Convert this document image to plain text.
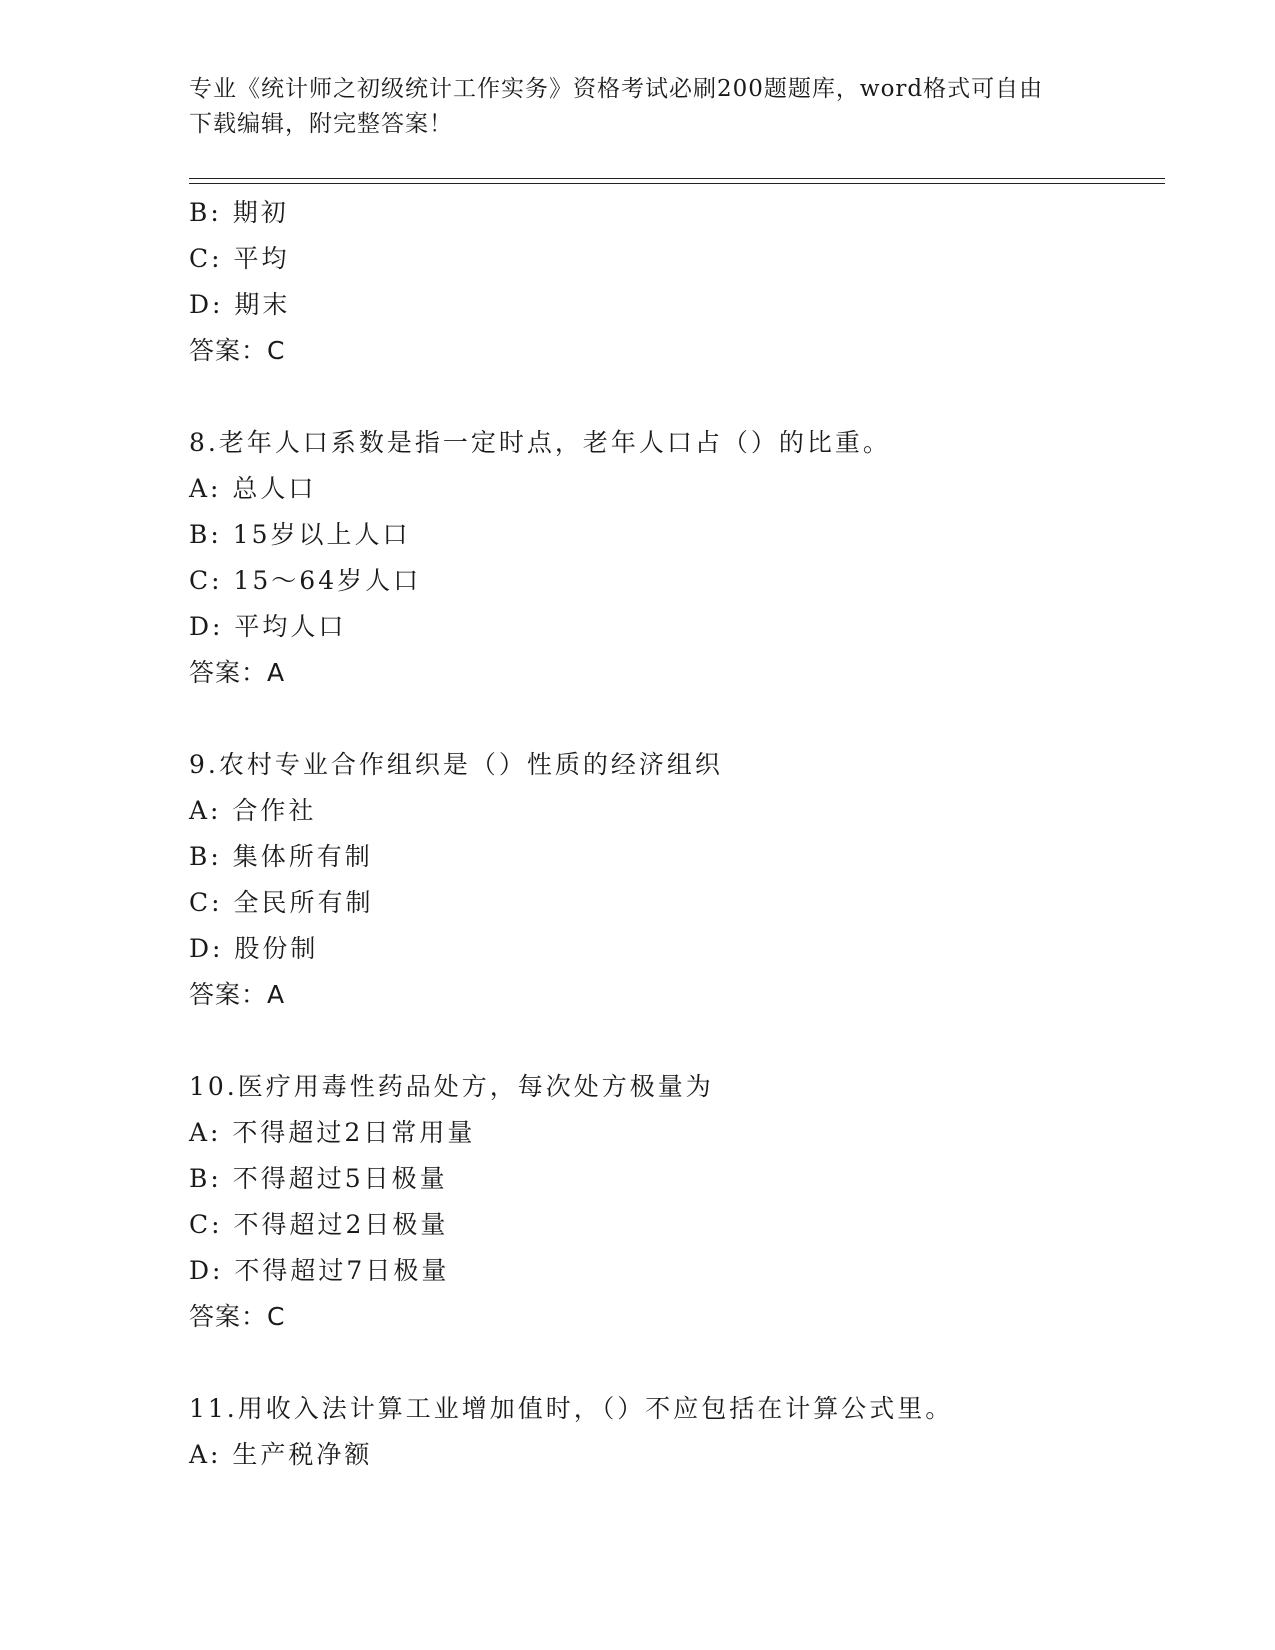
专业《统计师之初级统计工作实务》资格考试必刷200题题库，word格式可自由
下载编辑，附完整答案！
B: 期初
C: 平均
D: 期末
答案：C
8.老年人口系数是指一定时点，老年人口占（）的比重。
A: 总人口
B: 15岁以上人口
C: 15～64岁人口
D: 平均人口
答案：A
9.农村专业合作组织是（）性质的经济组织
A: 合作社
B: 集体所有制
C: 全民所有制
D: 股份制
答案：A
10.医疗用毒性药品处方，每次处方极量为
A: 不得超过2日常用量
B: 不得超过5日极量
C: 不得超过2日极量
D: 不得超过7日极量
答案：C
11.用收入法计算工业增加值时，（）不应包括在计算公式里。
A: 生产税净额
